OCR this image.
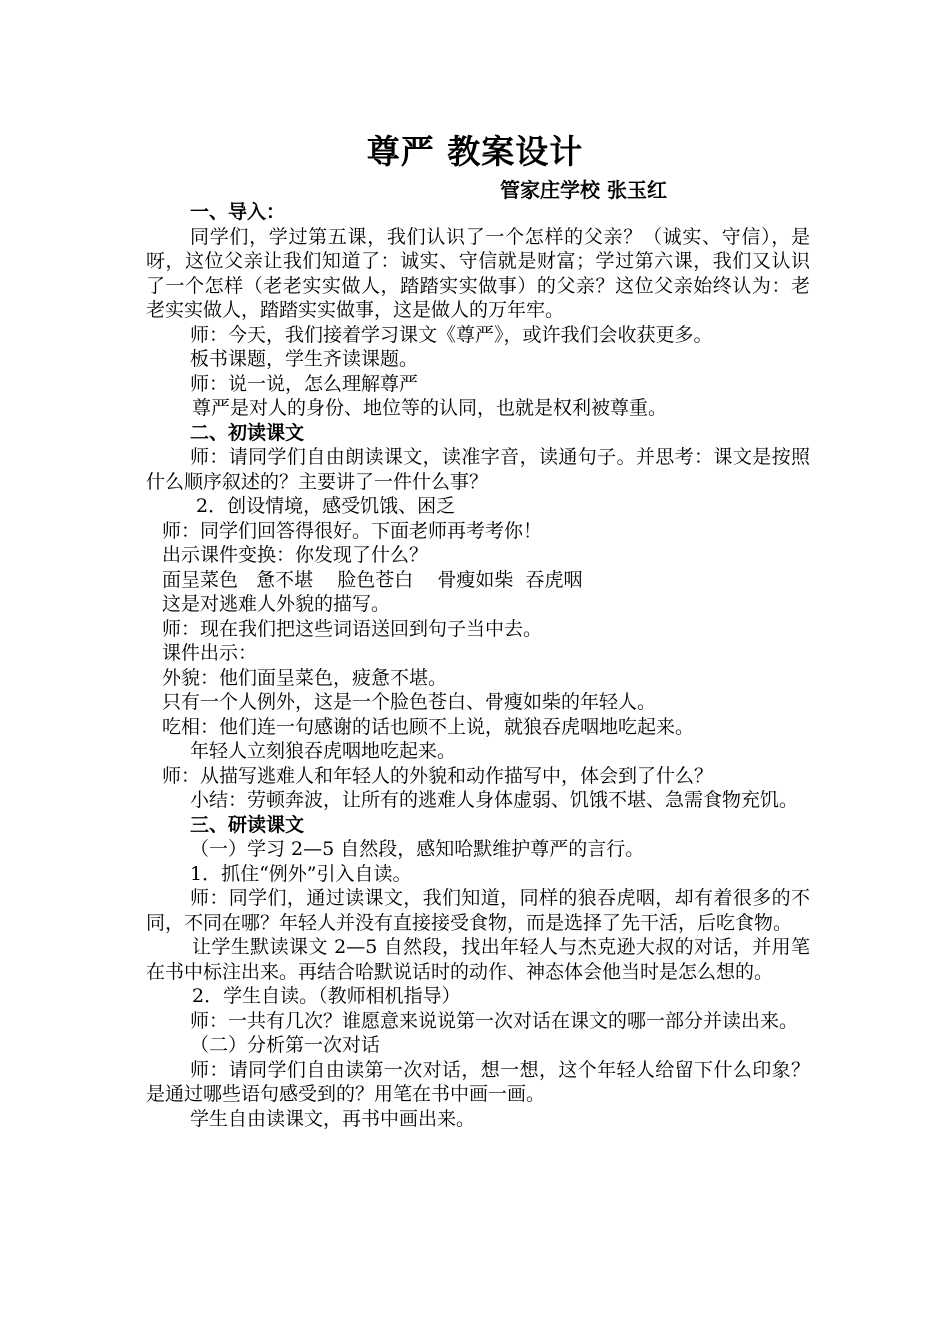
尊严 教案设计
管家庄学校 张玉红

一、导入：

同学们，学过第五课，我们认识了一个怎样的父亲？（诚实、守信），是呀，这位父亲让我们知道了：诚实、守信就是财富；学过第六课，我们又认识了一个怎样（老老实实做人，踏踏实实做事）的父亲？这位父亲始终认为：老老实实做人，踏踏实实做事，这是做人的万年牢。

师：今天，我们接着学习课文《尊严》，或许我们会收获更多。

板书课题，学生齐读课题。

师：说一说，怎么理解尊严

尊严是对人的身份、地位等的认同，也就是权利被尊重。

二、初读课文

师：请同学们自由朗读课文，读准字音，读通句子。并思考：课文是按照什么顺序叙述的？主要讲了一件什么事？

2．创设情境，感受饥饿、困乏

师：同学们回答得很好。下面老师再考考你！

出示课件变换：你发现了什么？

面呈菜色   惫不堪    脸色苍白    骨瘦如柴  吞虎咽

这是对逃难人外貌的描写。

师：现在我们把这些词语送回到句子当中去。

课件出示：

外貌：他们面呈菜色，疲惫不堪。

只有一个人例外，这是一个脸色苍白、骨瘦如柴的年轻人。

吃相：他们连一句感谢的话也顾不上说，就狼吞虎咽地吃起来。

年轻人立刻狼吞虎咽地吃起来。

师：从描写逃难人和年轻人的外貌和动作描写中，体会到了什么？

小结：劳顿奔波，让所有的逃难人身体虚弱、饥饿不堪、急需食物充饥。

三、研读课文

（一）学习 2—5 自然段，感知哈默维护尊严的言行。

1．抓住“例外”引入自读。

师：同学们，通过读课文，我们知道，同样的狼吞虎咽，却有着很多的不同，不同在哪？年轻人并没有直接接受食物，而是选择了先干活，后吃食物。

让学生默读课文 2—5 自然段，找出年轻人与杰克逊大叔的对话，并用笔在书中标注出来。再结合哈默说话时的动作、神态体会他当时是怎么想的。

2．学生自读。（教师相机指导）

师：一共有几次？谁愿意来说说第一次对话在课文的哪一部分并读出来。

（二）分析第一次对话

师：请同学们自由读第一次对话，想一想，这个年轻人给留下什么印象？是通过哪些语句感受到的？用笔在书中画一画。

学生自由读课文，再书中画出来。
